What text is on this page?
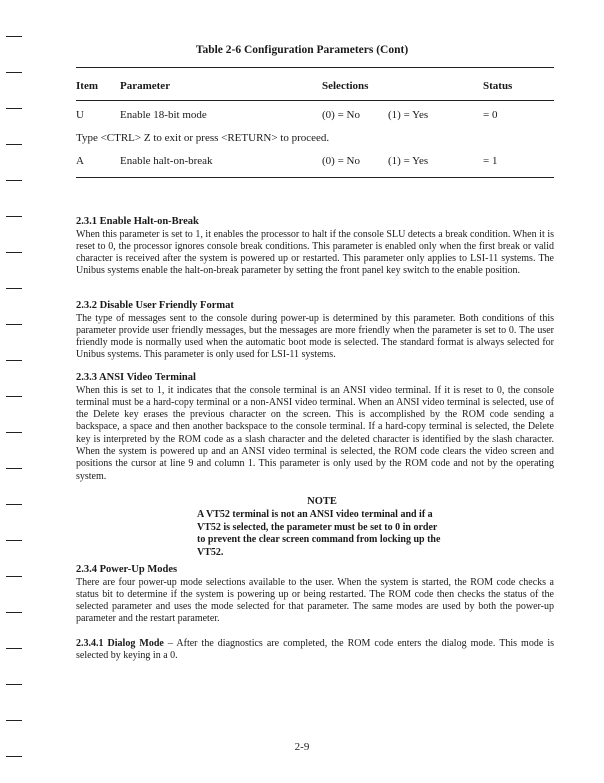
Table 2-6 Configuration Parameters (Cont)
Item Parameter	Selections	Status
U	Enable 18-bit mode	(0) = No	(1) = Yes	= 0
Type <CTRL> Z to exit or press <RETURN> to proceed.
A	Enable halt-on-break	(0) = No	(1) = Yes	= 1
2.3.1 Enable Halt-on-Break

When this parameter is set to 1, it enables the processor to halt if the console SLU detects a break condition. When it is reset to 0, the processor ignores console break conditions. This parameter is enabled only when the first break or valid character is received after the system is powered up or restarted. This parameter only applies to LSI-11 systems. The Unibus systems enable the halt-on-break parameter by setting the front panel key switch to the enable position.

2.3.2 Disable User Friendly Format

The type of messages sent to the console during power-up is determined by this parameter. Both conditions of this parameter provide user friendly messages, but the messages are more friendly when the parameter is set to 0. The user friendly mode is normally used when the automatic boot mode is selected. The standard format is always selected for Unibus systems. This parameter is only used for LSI-11 systems.

2.3.3 ANSI Video Terminal

When this is set to 1, it indicates that the console terminal is an ANSI video terminal. If it is reset to 0, the console terminal must be a hard-copy terminal or a non-ANSI video terminal. When an ANSI video terminal is selected, use of the Delete key erases the previous character on the screen. This is accomplished by the ROM code sending a backspace, a space and then another backspace to the console terminal. If a hard-copy terminal is selected, the Delete key is interpreted by the ROM code as a slash character and the deleted character is identified by the slash character. When the system is powered up and an ANSI video terminal is selected, the ROM code clears the video screen and positions the cursor at line 9 and column 1. This parameter is only used by the ROM code and not by the operating system.

NOTE
A VT52 terminal is not an ANSI video terminal and if a VT52 is selected, the parameter must be set to 0 in order to prevent the clear screen command from locking up the VT52.
2.3.4 Power-Up Modes

There are four power-up mode selections available to the user. When the system is started, the ROM code checks a status bit to determine if the system is powering up or being restarted. The ROM code then checks the status of the selected parameter and uses the mode selected for that parameter. The same modes are used by both the power-up parameter and the restart parameter.

2.3.4.1 Dialog Mode – After the diagnostics are completed, the ROM code enters the dialog mode. This mode is selected by keying in a 0.

2-9
